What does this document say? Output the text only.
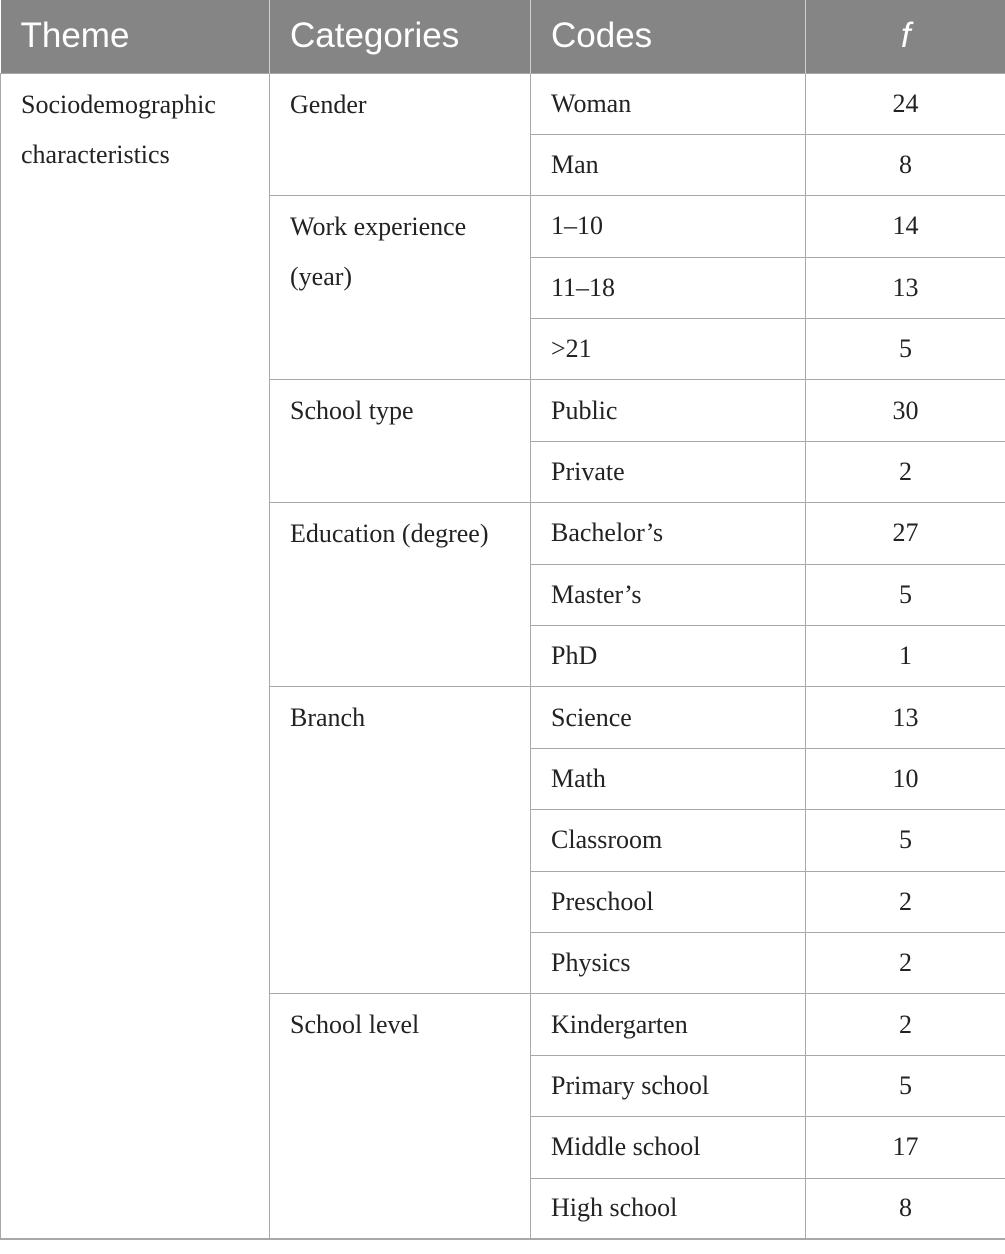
Theme	Categories	Codes	f
Sociodemographic characteristics	Gender	Woman	24
		Man	8
	Work experience (year)	1–10	14
		11–18	13
		>21	5
	School type	Public	30
		Private	2
	Education (degree)	Bachelor’s	27
		Master’s	5
		PhD	1
	Branch	Science	13
		Math	10
		Classroom	5
		Preschool	2
		Physics	2
	School level	Kindergarten	2
		Primary school	5
		Middle school	17
		High school	8
